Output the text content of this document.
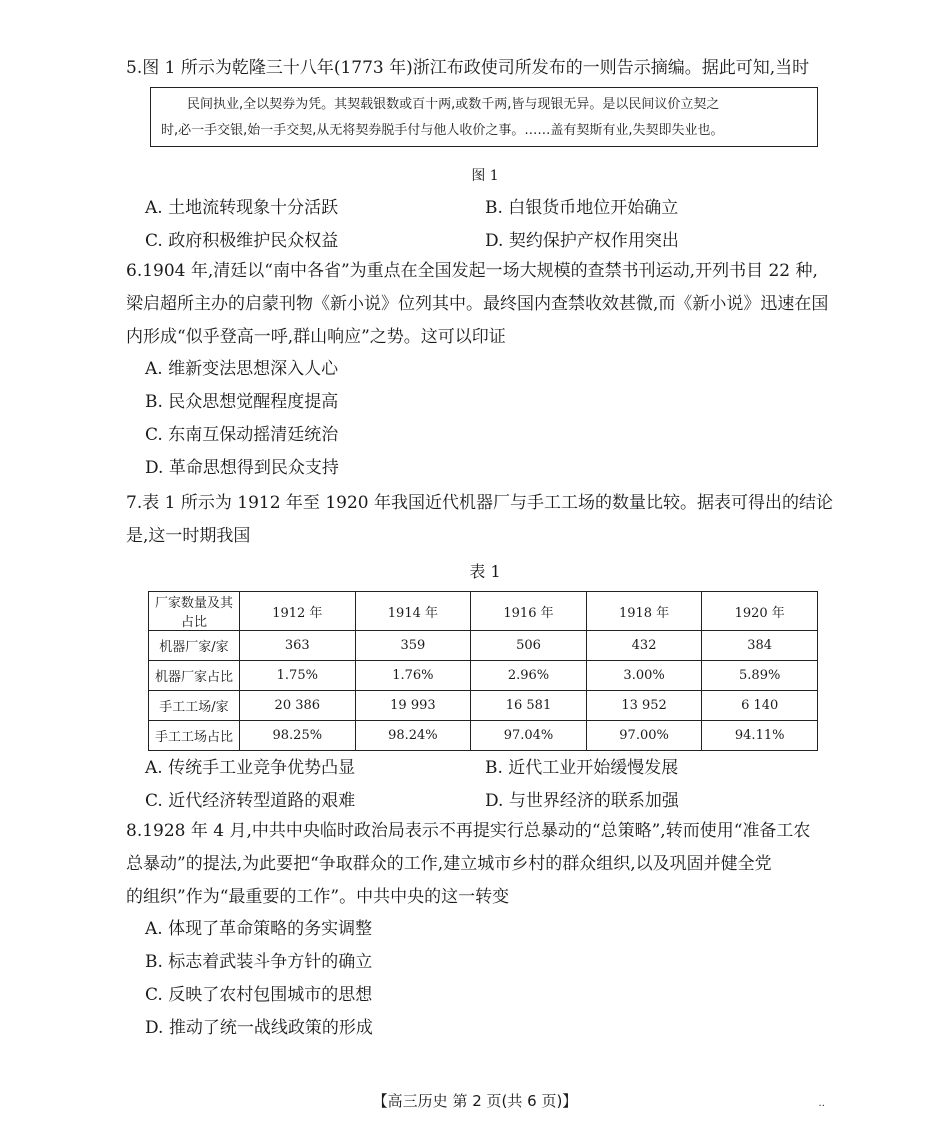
5.图 1 所示为乾隆三十八年(1773 年)浙江布政使司所发布的一则告示摘编。据此可知,当时
民间执业,全以契券为凭。其契载银数或百十两,或数千两,皆与现银无异。是以民间议价立契之
时,必一手交银,始一手交契,从无将契券脱手付与他人收价之事。……盖有契斯有业,失契即失业也。
图 1
A. 土地流转现象十分活跃	B. 白银货币地位开始确立
C. 政府积极维护民众权益	D. 契约保护产权作用突出
6.1904 年,清廷以“南中各省”为重点在全国发起一场大规模的查禁书刊运动,开列书目 22 种,
梁启超所主办的启蒙刊物《新小说》位列其中。最终国内查禁收效甚微,而《新小说》迅速在国
内形成“似乎登高一呼,群山响应”之势。这可以印证
A. 维新变法思想深入人心
B. 民众思想觉醒程度提高
C. 东南互保动摇清廷统治
D. 革命思想得到民众支持
7.表 1 所示为 1912 年至 1920 年我国近代机器厂与手工工场的数量比较。据表可得出的结论
是,这一时期我国
表 1
厂家数量及其占比	1912 年	1914 年	1916 年	1918 年	1920 年
机器厂家/家	363	359	506	432	384
机器厂家占比	1.75%	1.76%	2.96%	3.00%	5.89%
手工工场/家	20 386	19 993	16 581	13 952	6 140
手工工场占比	98.25%	98.24%	97.04%	97.00%	94.11%
A. 传统手工业竞争优势凸显	B. 近代工业开始缓慢发展
C. 近代经济转型道路的艰难	D. 与世界经济的联系加强
8.1928 年 4 月,中共中央临时政治局表示不再提实行总暴动的“总策略”,转而使用“准备工农
总暴动”的提法,为此要把“争取群众的工作,建立城市乡村的群众组织,以及巩固并健全党
的组织”作为“最重要的工作”。中共中央的这一转变
A. 体现了革命策略的务实调整
B. 标志着武装斗争方针的确立
C. 反映了农村包围城市的思想
D. 推动了统一战线政策的形成
【高三历史 第 2 页(共 6 页)】	‥
